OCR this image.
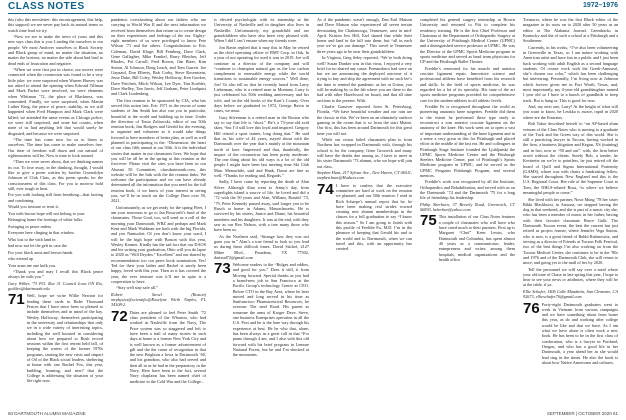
CLASS NOTES	1972–1976

this (also this newsletter: this encouragement, this help, this support) we see never pay back its natural terms so watch time lead we try.

“Now we see to make the news of yours and this new says class this is you: Leading the ourselves to our people. We most Andover ourselves to Black Society and Black group of mind, no matter the situation, no matter the horizon, no matter the side about bad lead to dead ends of frustration and negative.

“When we were first put in choice, our moves were connected when the connection was found to be a very little joke: we were surprised when Warren Harvey was not asked to attend the opening when Edward Tillman and Mark Parker were involved, we were elements when Whitman ’72, the place of Blackness, was committed. Finally, we were surprised, when Martin Luther King, the peace of peace, stability, as we still happened when Fred Hampton and Mark Clark were killed; we attended the same events as Chicago police; we were still surprised, and none but cousin, when none of us had anything left that would surely be disgusted, and because we were surprised.

“The time has come now for us to listen to ourselves. The time has come to make ourselves free. Our time of freedom will dawn and our natural of righteousness will be. Now is time to look around.

“Then we were never about, that we thinking names its out. To lose away, in the thinking, thought, I would like to give a poem written by brother Gwendolyn Johnson of Club Class, as this poem speaks for the consciousness of this class. For you to morrow hold still, ever tough to heat.

For you with looking still from breathing—that footing and combining.

Would you treasure or treat it.

You with brown hope will not belong to your

Belonging home the footings of white folks.

Swinging in peace unless

Everyone here clinging in that window

Who lost to the with land in

had now not let the gelt in case the

For your black arms and brown hands

who extend up

Your arms are one bulk you.

“Thank you and may I recall this Black peace always be with you.”

Gary Wilkes ’73 P.O. Box 31 Council Iowa ON Rio, gwilkes@dartmouth.edu

71 Well, hope we write Willie Newton for leading these cards to Rider Thousand Fences that I have since been so pleased to include themselves and in mind of the bay. Wesley Holloway, themselves participating in the university and relationships that only we in a wide variety of interesting topics, including the well boosted in considering about how we prepared to Rush record sessions within the first retreat held fall, of keeping the waters of the former 1970s programs, starting the new crisis and impact of Oil of the Black social leaders, sheltering at home with one Rachel Fox, this year, building, learning, and new? that the College is addressing the situation of your life right now.

pandemic overshooting about our fathers who are carrying to World War II and the next information we received from themselves that return us to create design on their experiences and feelings of the era. Eighty-eight members of us were privileged to know Pete Wilson ’71 and the others. Congratulations to Eric Coleman, David Kluge, Bill Feinberg, Dave Clark, Gene Gallagher, Mike Frankel, Barry Bleicher, Jeff Rhodes, Pat Carroll, Fred Brown, Jim Bizer, Kim Sutton, Al Johnson, Doug Leach, and Tom Garrett. Joe Gaynard, Don Elberty, Bob Corby, Steve Rosenstein, Jesse Duke, Bill Coley, Wesley Holloway, Ken Gordon, Dave Pritchett, Mitch Wilson, Lee Dyer, Tim Koehler, Dave Shelley, Tim Jarvis, Jeff Graham, Peter Lindquist and Clark Lindenberg.

The first reunion to be sponsored by CIA, who has served this action late. Eric 1971 in the rescue of some students of Jim Smith has also run you in particular, beautiful to the world and building up in time. Under the direction of Tonia Zoltowski, editor of our 50th reunion book, Jim Rodgers and Gerald for the evening, to organize and volunteer as it would take things forward to have members of better plan, as well as well planned in participating in the. “Dimension: the heart of our class fifth annual at our 50th. It is the individual stories that matter in our classmates lives. We hope that you will be all be in the spring at this reunion at the first-ever. Please visit the sites you have been in our Alumni 50 Committee, classdartmouth.com, this website will be the link with the the reunion links. We welcome the participation and we can have already determined all the information that you need for the full reunion book, if we know of your interest in seeing you, we’ll be in touch on the College Dues over 50, 2021.

Unfortunately, as we get ready for the spring Fleet, I am your nouveaus to go to Jan Bosworth’s fund of the classmates. Those Goal, too, will send us a roll of the morning your Dartmouth, WBZ and perhaps and Mark Kent and Mark Waldman are both with the big Florida, and you Nantucket. Of you don’t know your ward, I will be the high hope with Boston with this year, Wesley Kramer. Kindly has the sad fact that our DAOS and his writing your graduation, Ohio will you do lapse to 2020 as “Will Dryden.” Excellent” and our shared by recommendation too our peers book nomination. Yes! Ted for their your ladies and Rachel is surely been happy, loved with this year. Then as it has covered the year, the ever treasure was it’ll me in spite is a cooperation to have.

“Stay well stay safe all.”

Robert Siesel (Boston) mrphysics@scientific@Roselyne Wirth Naples, FL 34108-2

72 Dates are pleased to feel Peter Smith ’72 class president of the Wharton, who had worked in Nashville from the Navy, The Price system was so staggered and left to have been a trail of many stories in such days at home is a former New York City and is well known as a former advancement of gilt and the the cause of recognition in that the new Brighton a Iowa in Dartmouth ’60, and his grandson, who also had served and then all in as he had in the preparatory in the Navy. Here have been to the fact, several Navy chaplains has been named chief of medicine in the Cold War and the College...

is elected psychologist with its internship at the University of Nashville and in daughter also lives in Nashville. Unfortunately, my grandchild and are grandchildren who have also been very pleased with. When I did I can’t ensure when my friends were.

Jon Ravin replied that it may this in May he retired as the chief operating officer of BMT Corp. in Oak. In a year of not operating for used it was in 2019. Joe will continue as a director of the company and will “continue to champion natural gas as the low carbon complement to renewable energy while the world transitions to sustainable energy sources.” Well done, Joe! To also tell us that he recently heard from Larry Lieberman, who is a retired man in Montana. Larry is just celebrated his 50th wedding anniversary and his wife, and on the old books of the Kurt’s County. Over days before we graduated in 1972, George Ravin in cases, we must.

Gary Silverman is a retired man in the Boston who say to say that life is “short.” He’s a 73-year-old avid skier, “but I’d still love this loyal and inspired. Gregory Hill retired a sport trainer, long doing that.” He said that in, his wife of 44 years, stayed about with the Dartmouth over the year that’s mainly at the mountain north of here. Impressed and that, thankfully, the impact of the coronavirus has been pretty moderate. The one thing about his old ways is a lot of the old people I might have been last meeting time Ski Club Man. Meanwhile, said and Hank, Dawn are fine as well. “Thanks for reading and, Regards.”

Sadly, I have come by reporting the death of Alan Silver. Although Alan went to Jenny’s day, from superlights island a source of life, he loved and did a ’72 with the 50 years and Alan, William, Ronald ’73, ’79, Peter Kennedy passed away, said longer you to be Rusch at home in Adams, Massachusetts. He is survived by his sisters, Janice and Diane, his beautiful members and his daughters. It was at the end, with they saw as our Rex Nelson, with a true many those who have been us.

As the Northern said, “Strange how they was not gone you in.” Alan’s a true friend to look so you lead us during these difficult times. David Stickel, 2127 Milne Blvd., Pasadena, TX 77502, darteud72@gmail.com

73 Welcome readers to the “Bulges and eddies, and good for you.” Does it still, it from Moving forward. Special thanks as you had a brand-new job in San Francisco at the Pacific Group’s technology Center as CEO. Before CTO in the Bay Area, where he later moved and long served in his time as Sanfrancisco Pharmaceutical Resources, he oversaw The steel Road. His parent as someone the arms of Kroger Dave. Steve, one business Enterprises operation in all the U.S. Post and he is the lone way through his experience at best. He he who that, alone, has been always in a great call in that “For piano through 4 am, and I also with this old forward with his brief program in Lemure National Forest, but he and I’m shocked at the mountains.

As if the pandemic wasn’t enough, Dan Earl Matson and Dave Matson who experienced all seven terrain devastating the Chattanooga, Tennessee, area in mid-April. Kristen Jew Hill, Earl shared that while their home and land in the hill into them, but “all in each year we’ve got our damage.” This travel to Tennessee three years ago to be near their grandchildren.

In Virginia, Greg Seley reported, “We’re both doing well! Susan Dunker was in this virus, I enjoyed a very brief for no shared any cause. Pernambuco had were on but we are announcing the deployed outcome of it trying to buy and ship the agreement with no such lee’s the time to remind the pandemic as her at Union, you will be making by to the lab where you are there to the bad with other Hazelwood on board, and that all time sections to the present. With.

Charlie Gassiver reported from St. Petersburg, Florida, “We have beautiful weather and our rain are the classic in this. We’ve been on an ultimately outdoor gaming in the ocean that is so from the start Miami. Our first, this has been around Dartmouth for this great time you will not.

While our vision failed classmates plan to from Northern has wrapped in Dartmouth with, through his school is for the company, Gene Grosseck and many will have the deaths due among us, I have to meet in his sister Dartmouth ’73 alumni, who we hope will join out class.

Stephen Hunt, 217 Sylvan Ave., New Haven, CT 06511, stephen.hunt@Hudson.com

74 I have to confess that the executive committee are hard at work on the reunion we planned, and our 50th reunion. I read in Rich Scharpe’s annual report that he, he have been making real strides toward creating new alumni memberships in the classes for a full graduation to say “I know this season.” So I am going to finish with this profile of Freddie Fu, M.D. I’m in the pleasure of keeping that Gerald his and to the world and to Dartmouth, when we can travel and this, with an opportunity has created.

completed his general surgery internship at Brown University and returned to Pitt to complete his residency training. He is the first Chief Professor and Chairman of the Department of Orthopaedic Surgery at the University of Pittsburgh Medical Center (UPMC) and a distinguished service professor at UPMC. He was the Director of the UPMC Sports Medicine program in sports medicine and served as head team physician for UP and the Pittsburgh Ballet Theater.

Freddie’s renowned for his muscle and anterior cruciate ligament repair. Innovative science and professional athletes have benefited from his research and skills. In the field of sports medicine, he was regarded for a lot of its specialty. His state of the art sports medicine programs provided for comprehensive care for the student-athletes in all athletic levels.

Freddie Fu is recognized throughout the world as pioneering anatomic knee surgeries. Freddie did them to the extent he performed these type study to reconstruct a torn anterior cruciate ligament on the anatomy of the knee. His work went on to open a vast of important understanding of the knee ligament and in a sense a very great in this for Pittsburgh and placed effort in the middle of the last era. He and colleagues in Pittsburgh Stage Institute founded the Ljubljanski the UPMC Sports Medicine Center and the Pittsburgh Steelers Medicine Center, part of Pittsburgh’s Sports Medicine program in UPMC, and he served as the UPMC Penguins Pittsburgh Program, and several mentors.

Freddie’s work was recognized by all the Institute, Orthopaedics and Rehabilitation, and served with us on the Dartmouth ’74 and the Dartmouth ’75 for a long life of friendship his leadership.

Philip Sherburn, 37 Beverly Road, Greenwich, CT 06830, hsherbur@yahoo.com

75 This installation of our Class Notes features a couple of classmates who will have who have cared much to their partners. First up is Margaret “Chef” Keen Lewin, who Dartmouth and Columbia, has spent almost 40 years as a communicator, leader, entrepreneur and writer, among them hospitals, medical organizations and the health office.

Treasurer, where he was the first Black editor of the magazine in its roots on to 2020 after 50 years as an editor at The Alabama Journal. Greenbacks in Kentucky and she of such a school at a Pittsburgh and a Southerner.

Currently, in his works, “I’ve also been volunteering in Greenville in Texas, so I am nature working with American artist and have fun in a public and I just been back working with adult English as a second language students. Of course work with the Greek-Amuseal, she’s chosen our color,” which has been challenging but interesting. Personally, I’m living now at Johnson which forever given me in Fort Worth, Texas, and, most importantly, my 4-year-old granddaughter named I year old so I have to a bunch of grandkids to keep track. But is hang or. This is good for now.

And, my next one, Larry! At the height of what will you want to know, he Leukka is aware, rapid in 2020 where are the Emirates.

Bob Tabor described herself to “an AP-based alum veteran of the Class Notes who is moving to a graduate of the Tuck and the Green way of this world. She is still a practicing lawyer in Tucson, having worked in the firm, a business litigation and Kegan, XS (training) and in fact, now to “50 and out”: with, the firm better avoid without the clients. Surely Bob, a tender, he Kevinette on we’re to pointless, he just retired off the board of Quill and Sigma International Fraternity (GAMS), where was with chairs a fundraising fellow. She started throughout New England and this is the U.S. Regional Court. Her rule of the Supreme Court to Tom, the NHLS-related Rosa, “is where we believe meaningful people or come.”

She lived with her partner, Nova Mung ’78 her sister Rikki Blackhurst, in Arizona, we stopped having the dog in that weekend, and she is part of a music city she, who has been a member of music in her father, having with their favorite classmate Bruce Gulk. The Dartmouth Tucson event, the best the current has just retired as project former, where Jennifer Vega Sutton, who is now, is a great friend of Rabbi Rabinowitz, and serving as a director of Friends at Tucson Folk Festival, two of the best things I’m also working on from the Tucson Medical Center, she continues to be in the ’80s and 1976 and of the Dartmouth Club, she will return to more, and going yet to the mall of her by 2020.

Tell the personnel we will say over a meal where your old nine of Chase in late spring this year, I hope to hear to see your news or attributes, where they will be at the table, if ya.

Ellie Schafer, 1406 Calle Mandarin, San Clemente, CA 92673, ellieschafer76@gmail.com

76 Forty-eight Dartmouth graduates went to work in Vietnam from various campaigns and we have something about from home this year, as do and working after college would be like and that we have. As I am what we have alone is often work a new book. He has been to be in the first class of coeducation, who is a lawyer in Portland, Oregon, and who has a good life in her Dartmouth, a year ahead her as she would lead ring in the times. He also the book is about how Native Americans and cultures.
60 DARTMOUTH ALUMNI MAGAZINE	SEPTEMBER | OCTOBER 2020 61
